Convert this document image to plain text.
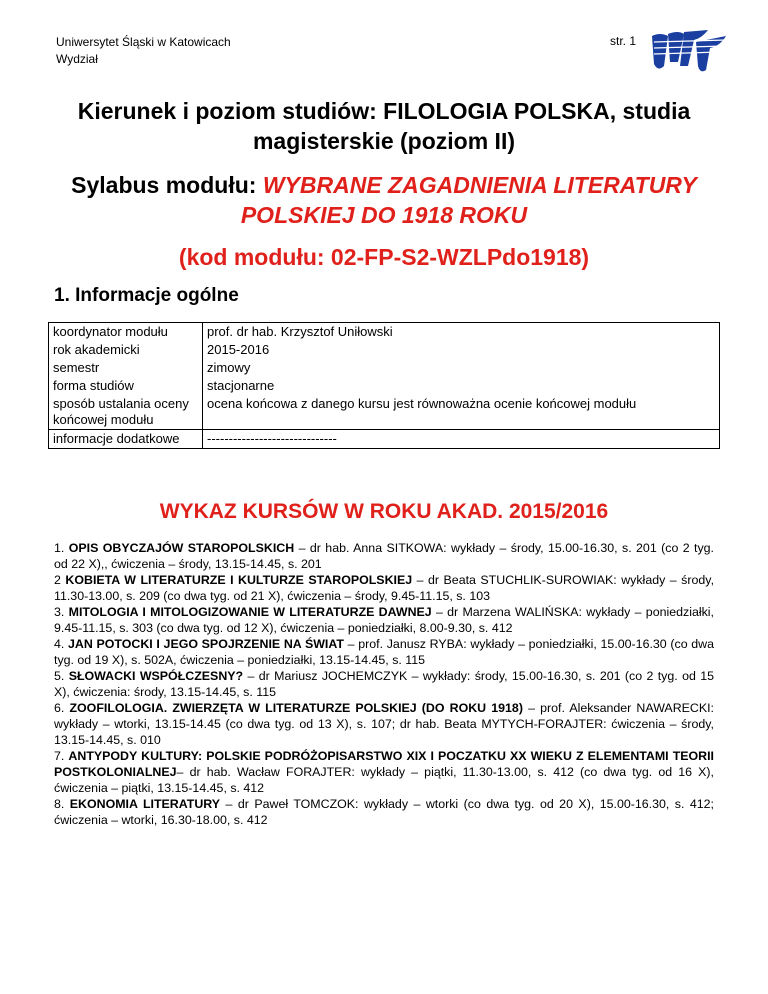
Uniwersytet Śląski w Katowicach
Wydział
str. 1
Kierunek i poziom studiów: FILOLOGIA POLSKA, studia magisterskie (poziom II)
Sylabus modułu: WYBRANE ZAGADNIENIA LITERATURY POLSKIEJ DO 1918 ROKU
(kod modułu: 02-FP-S2-WZLPdo1918)
1. Informacje ogólne
koordynator modułu	prof. dr hab. Krzysztof Uniłowski
rok akademicki	2015-2016
semestr	zimowy
forma studiów	stacjonarne
sposób ustalania oceny końcowej modułu	ocena końcowa z danego kursu jest równoważna ocenie końcowej modułu
informacje dodatkowe	------------------------------
WYKAZ KURSÓW W ROKU AKAD. 2015/2016

1. OPIS OBYCZAJÓW STAROPOLSKICH – dr hab. Anna SITKOWA: wykłady – środy, 15.00-16.30, s. 201 (co 2 tyg. od 22 X),, ćwiczenia – środy, 13.15-14.45, s. 201

2 KOBIETA W LITERATURZE I KULTURZE STAROPOLSKIEJ – dr Beata STUCHLIK-SUROWIAK: wykłady – środy, 11.30-13.00, s. 209 (co dwa tyg. od 21 X), ćwiczenia – środy, 9.45-11.15, s. 103

3. MITOLOGIA I MITOLOGIZOWANIE W LITERATURZE DAWNEJ – dr Marzena WALIŃSKA: wykłady – poniedziałki, 9.45-11.15, s. 303 (co dwa tyg. od 12 X), ćwiczenia – poniedziałki, 8.00-9.30, s. 412

4. JAN POTOCKI I JEGO SPOJRZENIE NA ŚWIAT – prof. Janusz RYBA: wykłady – poniedziałki, 15.00-16.30 (co dwa tyg. od 19 X), s. 502A, ćwiczenia – poniedziałki, 13.15-14.45, s. 115

5. SŁOWACKI WSPÓŁCZESNY? – dr Mariusz JOCHEMCZYK – wykłady: środy, 15.00-16.30, s. 201 (co 2 tyg. od 15 X), ćwiczenia: środy, 13.15-14.45, s. 115

6. ZOOFILOLOGIA. ZWIERZĘTA W LITERATURZE POLSKIEJ (DO ROKU 1918) – prof. Aleksander NAWARECKI: wykłady – wtorki, 13.15-14.45 (co dwa tyg. od 13 X), s. 107; dr hab. Beata MYTYCH-FORAJTER: ćwiczenia – środy, 13.15-14.45, s. 010

7. ANTYPODY KULTURY: POLSKIE PODRÓŻOPISARSTWO XIX I POCZATKU XX WIEKU Z ELEMENTAMI TEORII POSTKOLONIALNEJ– dr hab. Wacław FORAJTER: wykłady – piątki, 11.30-13.00, s. 412 (co dwa tyg. od 16 X), ćwiczenia – piątki, 13.15-14.45, s. 412

8. EKONOMIA LITERATURY – dr Paweł TOMCZOK: wykłady – wtorki (co dwa tyg. od 20 X), 15.00-16.30, s. 412; ćwiczenia – wtorki, 16.30-18.00, s. 412
